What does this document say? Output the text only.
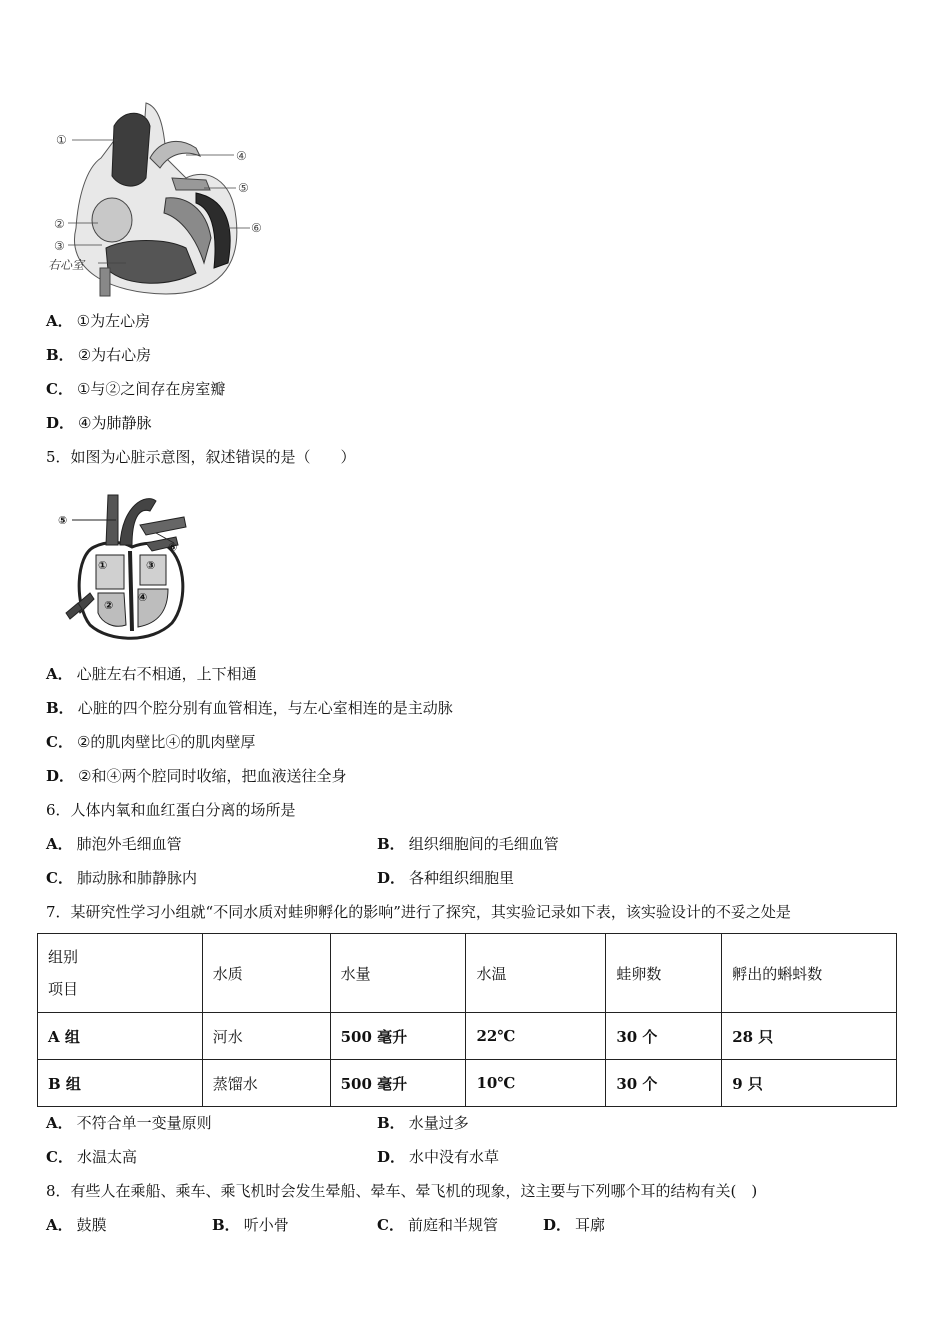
①
④
⑤
⑥
②
③
右心室
A． ①为左心房
B． ②为右心房
C． ①与②之间存在房室瓣
D． ④为肺静脉
5．如图为心脏示意图，叙述错误的是（　　）
⑤
⑥
①	③
②
④
A． 心脏左右不相通，上下相通
B． 心脏的四个腔分别有血管相连，与左心室相连的是主动脉
C． ②的肌肉壁比④的肌肉壁厚
D． ②和④两个腔同时收缩，把血液送往全身
6．人体内氧和血红蛋白分离的场所是
A． 肺泡外毛细血管	B． 组织细胞间的毛细血管
C． 肺动脉和肺静脉内	D． 各种组织细胞里
7．某研究性学习小组就“不同水质对蛙卵孵化的影响”进行了探究，其实验记录如下表，该实验设计的不妥之处是
组别
项目	水质	水量	水温	蛙卵数	孵出的蝌蚪数
A 组	河水	500 毫升	22℃	30 个	28 只
B 组	蒸馏水	500 毫升	10℃	30 个	9 只
A． 不符合单一变量原则	B． 水量过多
C． 水温太高	D． 水中没有水草
8．有些人在乘船、乘车、乘飞机时会发生晕船、晕车、晕飞机的现象，这主要与下列哪个耳的结构有关(　)
A． 鼓膜	B． 听小骨	C． 前庭和半规管	D． 耳廓
